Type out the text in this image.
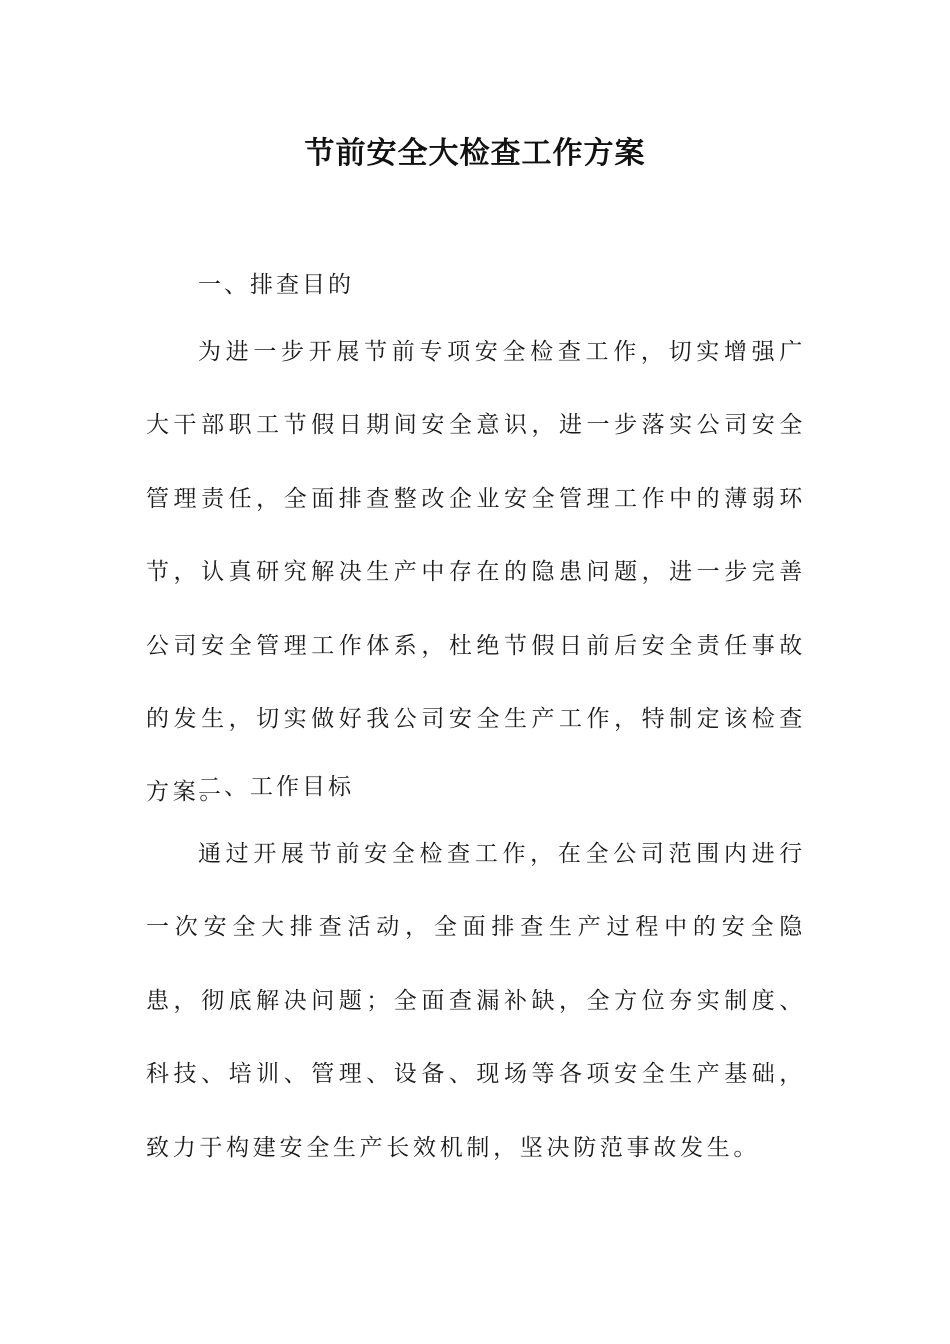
节前安全大检查工作方案
一、排查目的

为进一步开展节前专项安全检查工作，切实增强广大干部职工节假日期间安全意识，进一步落实公司安全管理责任，全面排查整改企业安全管理工作中的薄弱环节，认真研究解决生产中存在的隐患问题，进一步完善公司安全管理工作体系，杜绝节假日前后安全责任事故的发生，切实做好我公司安全生产工作，特制定该检查方案。

二、工作目标

通过开展节前安全检查工作，在全公司范围内进行一次安全大排查活动，全面排查生产过程中的安全隐患，彻底解决问题；全面查漏补缺，全方位夯实制度、科技、培训、管理、设备、现场等各项安全生产基础，致力于构建安全生产长效机制，坚决防范事故发生。
